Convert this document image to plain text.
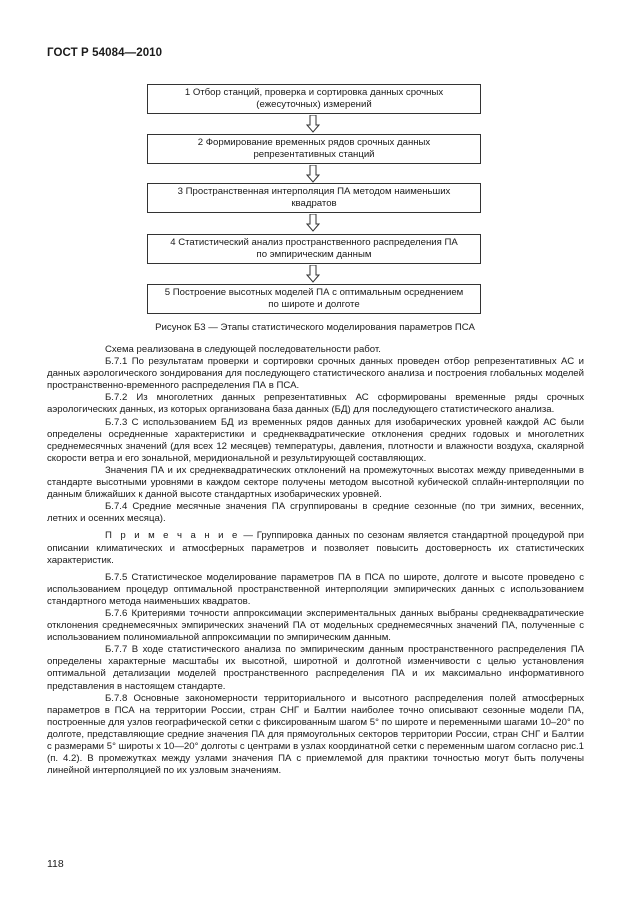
ГОСТ Р 54084—2010
1 Отбор станций, проверка и сортировка данных срочных
(ежесуточных) измерений
2 Формирование временных рядов срочных данных
репрезентативных станций
3 Пространственная интерполяция ПА методом наименьших
квадратов
4 Статистический анализ пространственного распределения ПА
по эмпирическим данным
5 Построение высотных моделей ПА с оптимальным осреднением
по широте и долготе
Рисунок Б3 — Этапы статистического моделирования параметров ПСА

Схема реализована в следующей последовательности работ.

Б.7.1 По результатам проверки и сортировки срочных данных проведен отбор репрезентативных АС и данных аэрологического зондирования для последующего статистического анализа и построения глобальных моделей пространственно-временного распределения ПА в ПСА.

Б.7.2 Из многолетних данных репрезентативных АС сформированы временные ряды срочных аэрологических данных, из которых организована база данных (БД) для последующего статистического анализа.

Б.7.3 С использованием БД из временных рядов данных для изобарических уровней каждой АС были определены осредненные характеристики и среднеквадратические отклонения средних годовых и многолетних среднемесячных значений (для всех 12 месяцев) температуры, давления, плотности и влажности воздуха, скалярной скорости ветра и его зональной, меридиональной и результирующей составляющих.

Значения ПА и их среднеквадратических отклонений на промежуточных высотах между приведенными в стандарте высотными уровнями в каждом секторе получены методом высотной кубической сплайн-интерполяции по данным ближайших к данной высоте стандартных изобарических уровней.

Б.7.4 Средние месячные значения ПА сгруппированы в средние сезонные (по три зимних, весенних, летних и осенних месяца).

П р и м е ч а н и е — Группировка данных по сезонам является стандартной процедурой при описании климатических и атмосферных параметров и позволяет повысить достоверность их статистических характеристик.

Б.7.5 Статистическое моделирование параметров ПА в ПСА по широте, долготе и высоте проведено с использованием процедур оптимальной пространственной интерполяции эмпирических данных с использованием стандартного метода наименьших квадратов.

Б.7.6 Критериями точности аппроксимации экспериментальных данных выбраны среднеквадратические отклонения среднемесячных эмпирических значений ПА от модельных среднемесячных значений ПА, полученные с использованием полиномиальной аппроксимации по эмпирическим данным.

Б.7.7 В ходе статистического анализа по эмпирическим данным пространственного распределения ПА определены характерные масштабы их высотной, широтной и долготной изменчивости с целью установления оптимальной детализации моделей пространственного распределения ПА и их максимально информативного представления в настоящем стандарте.

Б.7.8 Основные закономерности территориального и высотного распределения полей атмосферных параметров в ПСА на территории России, стран СНГ и Балтии наиболее точно описывают сезонные модели ПА, построенные для узлов географической сетки с фиксированным шагом 5° по широте и переменными шагами 10–20° по долготе, представляющие средние значения ПА для прямоугольных секторов территории России, стран СНГ и Балтии с размерами 5° широты x 10—20° долготы с центрами в узлах координатной сетки с переменным шагом согласно рис.1 (п. 4.2). В промежутках между узлами значения ПА с приемлемой для практики точностью могут быть получены линейной интерполяцией по их узловым значениям.

118
